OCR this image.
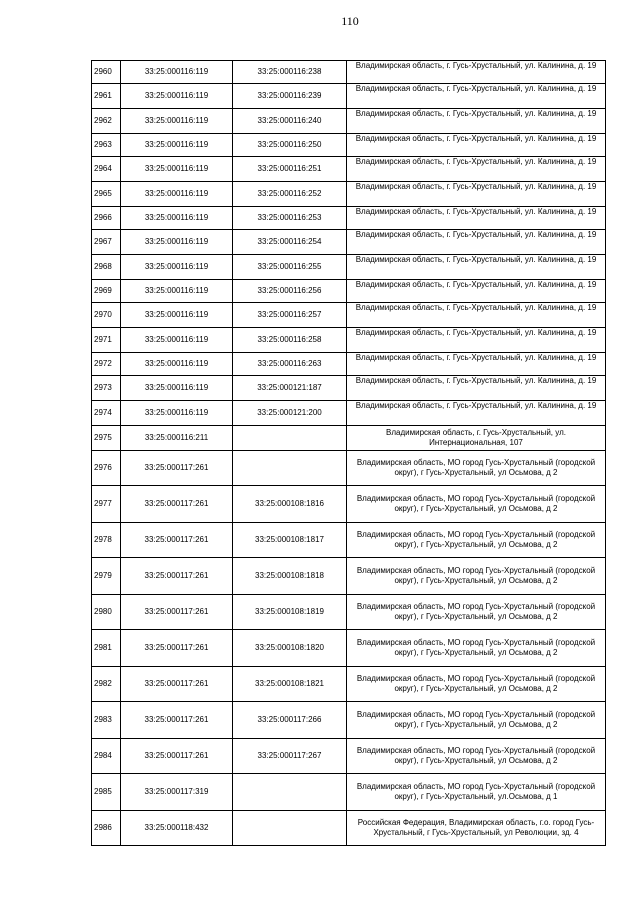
110
2960	33:25:000116:119	33:25:000116:238	Владимирская область, г. Гусь-Хрустальный, ул. Калинина, д. 19
2961	33:25:000116:119	33:25:000116:239	Владимирская область, г. Гусь-Хрустальный, ул. Калинина, д. 19
2962	33:25:000116:119	33:25:000116:240	Владимирская область, г. Гусь-Хрустальный, ул. Калинина, д. 19
2963	33:25:000116:119	33:25:000116:250	Владимирская область, г. Гусь-Хрустальный, ул. Калинина, д. 19
2964	33:25:000116:119	33:25:000116:251	Владимирская область, г. Гусь-Хрустальный, ул. Калинина, д. 19
2965	33:25:000116:119	33:25:000116:252	Владимирская область, г. Гусь-Хрустальный, ул. Калинина, д. 19
2966	33:25:000116:119	33:25:000116:253	Владимирская область, г. Гусь-Хрустальный, ул. Калинина, д. 19
2967	33:25:000116:119	33:25:000116:254	Владимирская область, г. Гусь-Хрустальный, ул. Калинина, д. 19
2968	33:25:000116:119	33:25:000116:255	Владимирская область, г. Гусь-Хрустальный, ул. Калинина, д. 19
2969	33:25:000116:119	33:25:000116:256	Владимирская область, г. Гусь-Хрустальный, ул. Калинина, д. 19
2970	33:25:000116:119	33:25:000116:257	Владимирская область, г. Гусь-Хрустальный, ул. Калинина, д. 19
2971	33:25:000116:119	33:25:000116:258	Владимирская область, г. Гусь-Хрустальный, ул. Калинина, д. 19
2972	33:25:000116:119	33:25:000116:263	Владимирская область, г. Гусь-Хрустальный, ул. Калинина, д. 19
2973	33:25:000116:119	33:25:000121:187	Владимирская область, г. Гусь-Хрустальный, ул. Калинина, д. 19
2974	33:25:000116:119	33:25:000121:200	Владимирская область, г. Гусь-Хрустальный, ул. Калинина, д. 19
2975	33:25:000116:211		Владимирская область, г. Гусь-Хрустальный, ул. Интернациональная, 107
2976	33:25:000117:261		Владимирская область, МО город Гусь-Хрустальный (городской округ), г Гусь-Хрустальный, ул Осьмова, д 2
2977	33:25:000117:261	33:25:000108:1816	Владимирская область, МО город Гусь-Хрустальный (городской округ), г Гусь-Хрустальный, ул Осьмова, д 2
2978	33:25:000117:261	33:25:000108:1817	Владимирская область, МО город Гусь-Хрустальный (городской округ), г Гусь-Хрустальный, ул Осьмова, д 2
2979	33:25:000117:261	33:25:000108:1818	Владимирская область, МО город Гусь-Хрустальный (городской округ), г Гусь-Хрустальный, ул Осьмова, д 2
2980	33:25:000117:261	33:25:000108:1819	Владимирская область, МО город Гусь-Хрустальный (городской округ), г Гусь-Хрустальный, ул Осьмова, д 2
2981	33:25:000117:261	33:25:000108:1820	Владимирская область, МО город Гусь-Хрустальный (городской округ), г Гусь-Хрустальный, ул Осьмова, д 2
2982	33:25:000117:261	33:25:000108:1821	Владимирская область, МО город Гусь-Хрустальный (городской округ), г Гусь-Хрустальный, ул Осьмова, д 2
2983	33:25:000117:261	33:25:000117:266	Владимирская область, МО город Гусь-Хрустальный (городской округ), г Гусь-Хрустальный, ул Осьмова, д 2
2984	33:25:000117:261	33:25:000117:267	Владимирская область, МО город Гусь-Хрустальный (городской округ), г Гусь-Хрустальный, ул Осьмова, д 2
2985	33:25:000117:319		Владимирская область, МО город Гусь-Хрустальный (городской округ), г Гусь-Хрустальный, ул.Осьмова, д 1
2986	33:25:000118:432		Российская Федерация, Владимирская область, г.о. город Гусь-Хрустальный, г Гусь-Хрустальный, ул Революции, зд. 4
